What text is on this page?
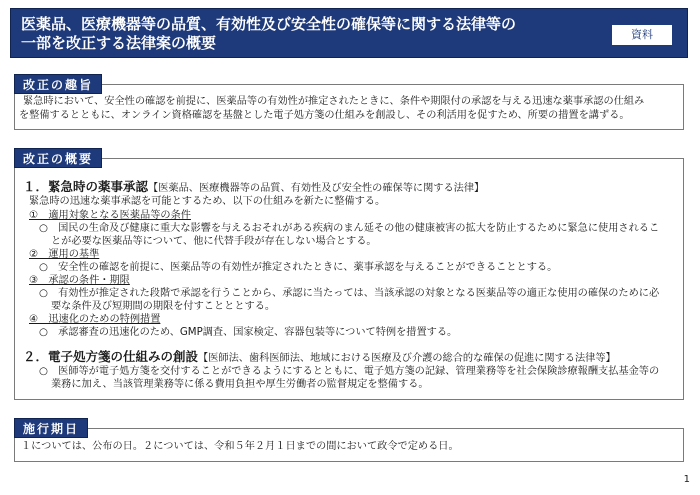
医薬品、医療機器等の品質、有効性及び安全性の確保等に関する法律等の
一部を改正する法律案の概要	資料
緊急時において、安全性の確認を前提に、医薬品等の有効性が推定されたときに、条件や期限付の承認を与える迅速な薬事承認の仕組み
を整備するとともに、オンライン資格確認を基盤とした電子処方箋の仕組みを創設し、その利活用を促すため、所要の措置を講ずる。
改正の趣旨
１．緊急時の薬事承認【医薬品、医療機器等の品質、有効性及び安全性の確保等に関する法律】
緊急時の迅速な薬事承認を可能とするため、以下の仕組みを新たに整備する。
①　適用対象となる医薬品等の条件
○　国民の生命及び健康に重大な影響を与えるおそれがある疾病のまん延その他の健康被害の拡大を防止するために緊急に使用されるこ
とが必要な医薬品等について、他に代替手段が存在しない場合とする。
②　運用の基準
○　安全性の確認を前提に、医薬品等の有効性が推定されたときに、薬事承認を与えることができることとする。
③　承認の条件・期限
○　有効性が推定された段階で承認を行うことから、承認に当たっては、当該承認の対象となる医薬品等の適正な使用の確保のために必
要な条件及び短期間の期限を付すことととする。
④　迅速化のための特例措置
○　承認審査の迅速化のため、GMP調査、国家検定、容器包装等について特例を措置する。
２．電子処方箋の仕組みの創設【医師法、歯科医師法、地域における医療及び介護の総合的な確保の促進に関する法律等】
○　医師等が電子処方箋を交付することができるようにするとともに、電子処方箋の記録、管理業務等を社会保険診療報酬支払基金等の
業務に加え、当該管理業務等に係る費用負担や厚生労働者の監督規定を整備する。
改正の概要
１については、公布の日。２については、令和５年２月１日までの間において政令で定める日。
施行期日
1
